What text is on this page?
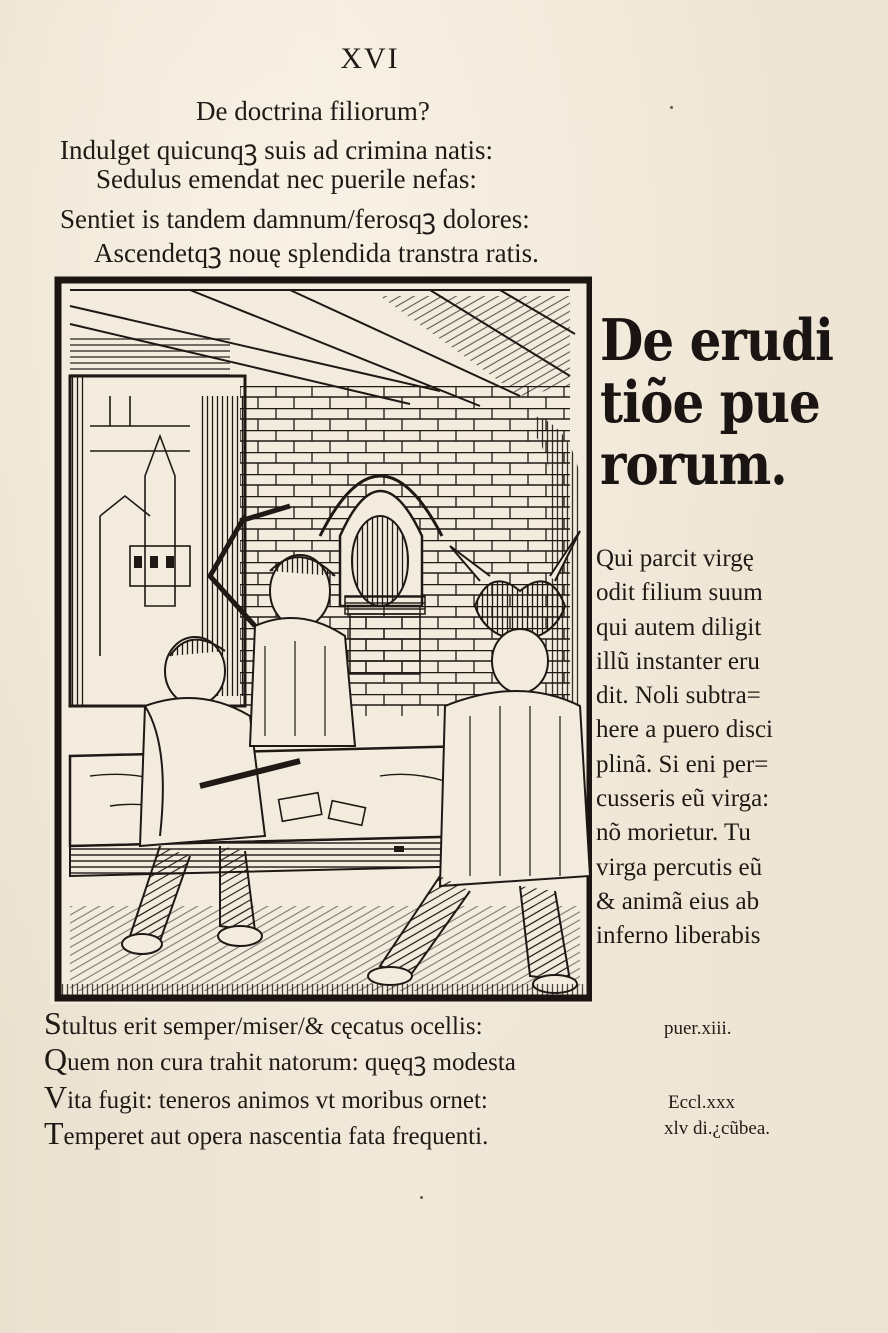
XVI
De doctrina filiorum?
Indulget quicunqꝫ suis ad crimina natis:
Sedulus emendat nec puerile nefas:
Sentiet is tandem damnum/ferosqꝫ dolores:
Ascendetqꝫ nouę splendida transtra ratis.
De erudi
tiõe pue
rorum.
Qui parcit virgę
odit filium suum
qui autem diligit
illũ instanter eru
dit. Noli subtra=
here a puero disci
plinã. Si eni per=
cusseris eũ virga:
nõ morietur. Tu
virga percutis eũ
& animã eius ab
inferno liberabis
Stultus erit semper/miser/& cęcatus ocellis:
Quem non cura trahit natorum: quęqꝫ modesta
Vita fugit: teneros animos vt moribus ornet:
Temperet aut opera nascentia fata frequenti.
puer.xiii.
Eccl.xxx
xlv di.¿cũbea.
